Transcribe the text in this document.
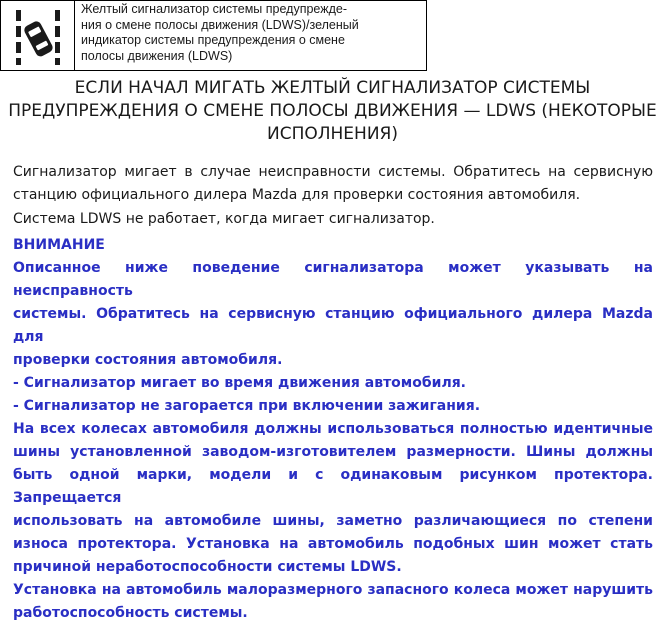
Желтый сигнализатор системы предупрежде-
ния о смене полосы движения (LDWS)/зеленый
индикатор системы предупреждения о смене
полосы движения (LDWS)
ЕСЛИ НАЧАЛ МИГАТЬ ЖЕЛТЫЙ СИГНАЛИЗАТОР СИСТЕМЫ
ПРЕДУПРЕЖДЕНИЯ О СМЕНЕ ПОЛОСЫ ДВИЖЕНИЯ — LDWS (НЕКОТОРЫЕ
ИСПОЛНЕНИЯ)

Сигнализатор мигает в случае неисправности системы. Обратитесь на сервисную

станцию официального дилера Mazda для проверки состояния автомобиля.

Система LDWS не работает, когда мигает сигнализатор.

ВНИМАНИЕ

Описанное ниже поведение сигнализатора может указывать на неисправность

системы. Обратитесь на сервисную станцию официального дилера Mazda для

проверки состояния автомобиля.

- Сигнализатор мигает во время движения автомобиля.

- Сигнализатор не загорается при включении зажигания.

На всех колесах автомобиля должны использоваться полностью идентичные

шины установленной заводом-изготовителем размерности. Шины должны

быть одной марки, модели и с одинаковым рисунком протектора. Запрещается

использовать на автомобиле шины, заметно различающиеся по степени

износа протектора. Установка на автомобиль подобных шин может стать

причиной неработоспособности системы LDWS.

Установка на автомобиль малоразмерного запасного колеса может нарушить

работоспособность системы.
